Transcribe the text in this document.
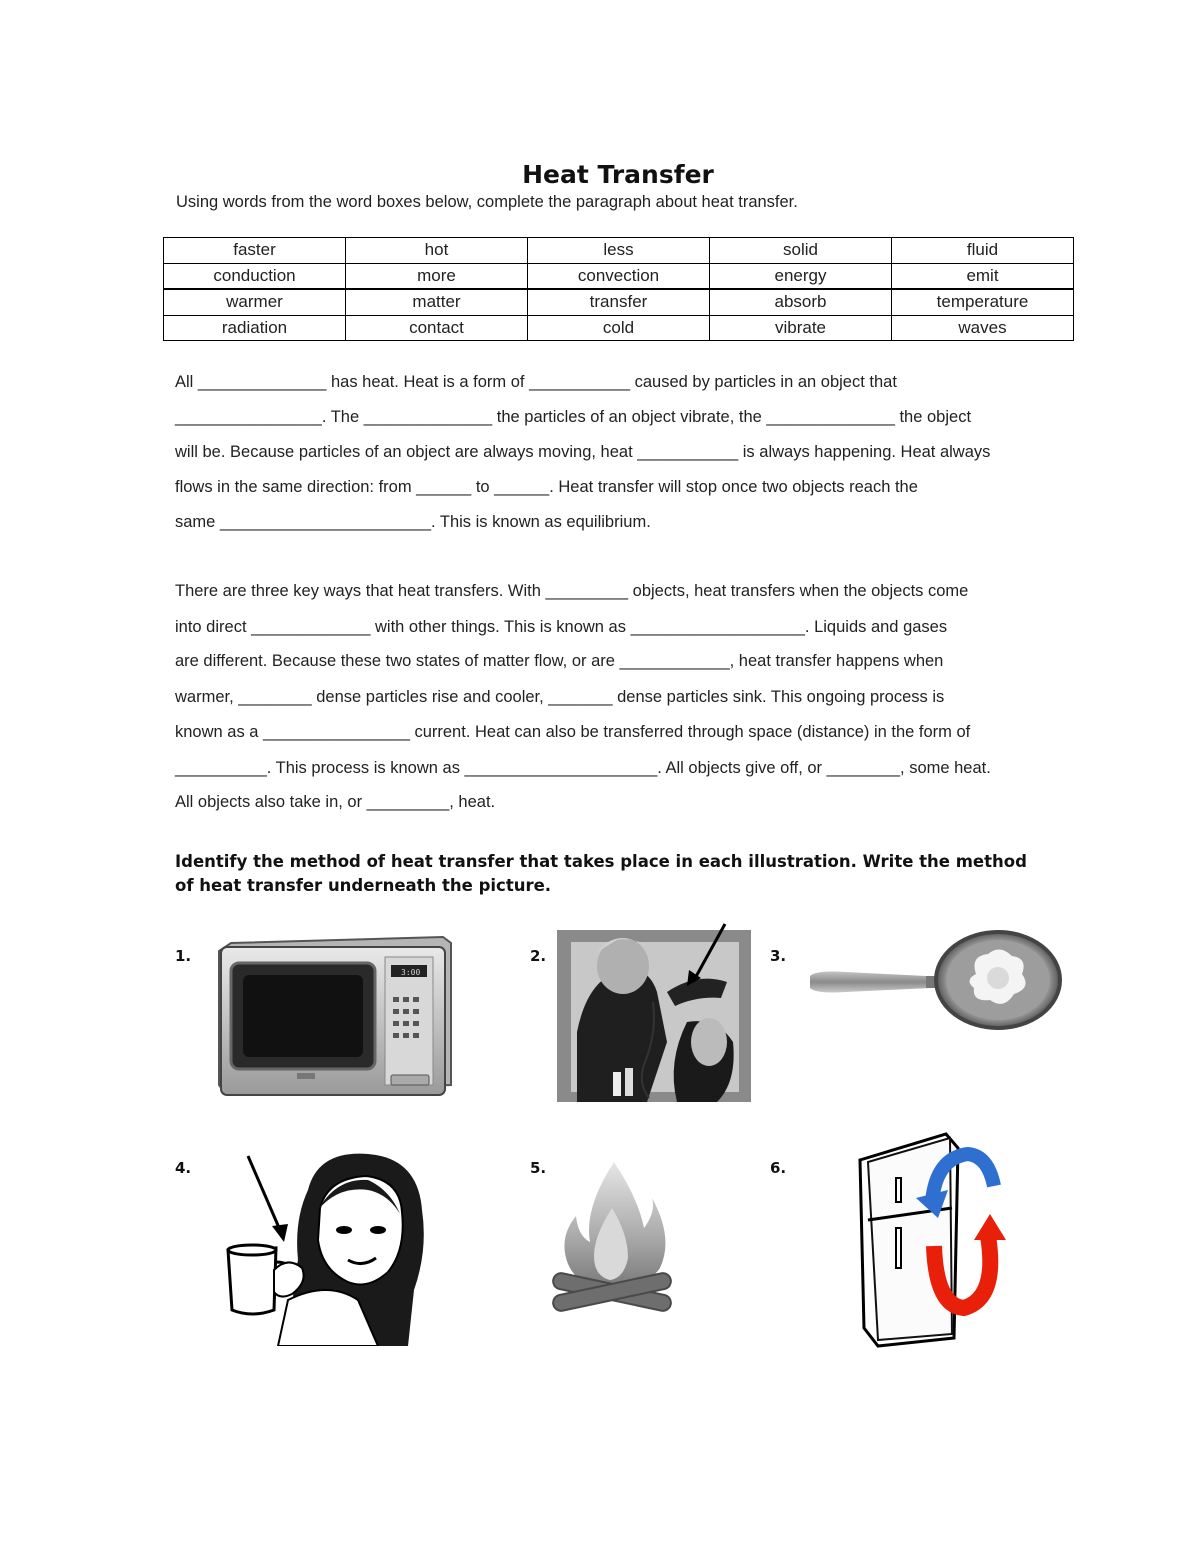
Heat Transfer
Using words from the word boxes below, complete the paragraph about heat transfer.
faster	hot	less	solid	fluid
conduction	more	convection	energy	emit
warmer	matter	transfer	absorb	temperature
radiation	contact	cold	vibrate	waves
All ______________ has heat. Heat is a form of ___________ caused by particles in an object that
________________. The ______________ the particles of an object vibrate, the ______________ the object
will be. Because particles of an object are always moving, heat ___________ is always happening. Heat always
flows in the same direction: from ______ to ______. Heat transfer will stop once two objects reach the
same _______________________. This is known as equilibrium.
There are three key ways that heat transfers. With _________ objects, heat transfers when the objects come
into direct _____________ with other things. This is known as ___________________. Liquids and gases
are different. Because these two states of matter flow, or are ____________, heat transfer happens when
warmer, ________ dense particles rise and cooler, _______ dense particles sink. This ongoing process is
known as a ________________ current. Heat can also be transferred through space (distance) in the form of
__________. This process is known as _____________________. All objects give off, or ________, some heat.
All objects also take in, or _________, heat.
Identify the method of heat transfer that takes place in each illustration. Write the method of heat transfer underneath the picture.
1.	2.	3.
4.	5.	6.
3:00
